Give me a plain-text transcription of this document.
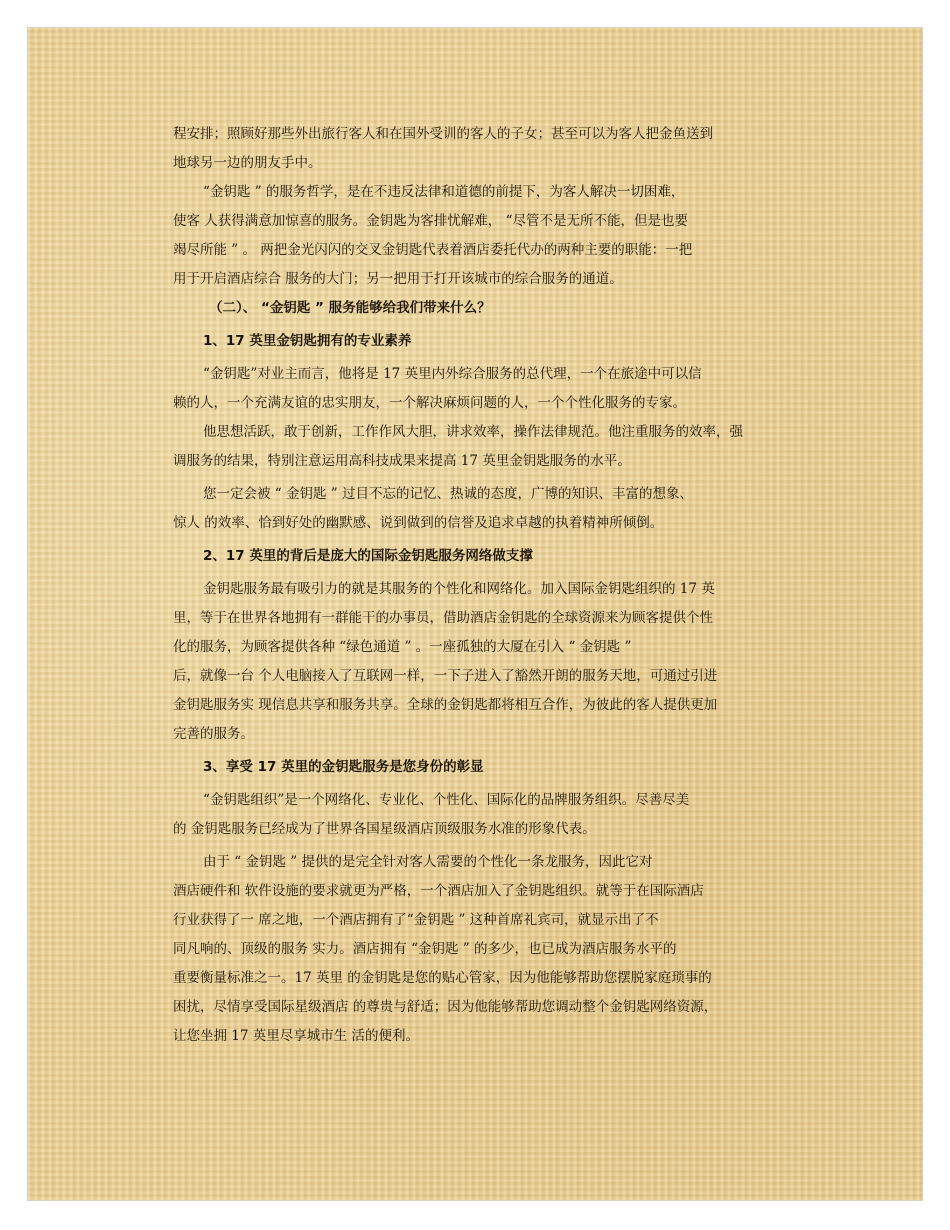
程安排；照顾好那些外出旅行客人和在国外受训的客人的子女；甚至可以为客人把金鱼送到
地球另一边的朋友手中。
“金钥匙 ” 的服务哲学，是在不违反法律和道德的前提下，为客人解决一切困难，
使客 人获得满意加惊喜的服务。金钥匙为客排忧解难， “尽管不是无所不能，但是也要
竭尽所能 ” 。 两把金光闪闪的交叉金钥匙代表着酒店委托代办的两种主要的职能：一把
用于开启酒店综合 服务的大门；另一把用于打开该城市的综合服务的通道。
（二）、 “金钥匙 ” 服务能够给我们带来什么？
1、17 英里金钥匙拥有的专业素养
“金钥匙”对业主而言，他将是 17 英里内外综合服务的总代理，一个在旅途中可以信
赖的人，一个充满友谊的忠实朋友，一个解决麻烦问题的人，一个个性化服务的专家。
他思想活跃，敢于创新，工作作风大胆，讲求效率，操作法律规范。他注重服务的效率，强
调服务的结果，特别注意运用高科技成果来提高 17 英里金钥匙服务的水平。
您一定会被 “ 金钥匙 ” 过目不忘的记忆、热诚的态度，广博的知识、丰富的想象、
惊人 的效率、恰到好处的幽默感、说到做到的信誉及追求卓越的执着精神所倾倒。
2、17 英里的背后是庞大的国际金钥匙服务网络做支撑
金钥匙服务最有吸引力的就是其服务的个性化和网络化。加入国际金钥匙组织的 17 英
里，等于在世界各地拥有一群能干的办事员，借助酒店金钥匙的全球资源来为顾客提供个性
化的服务，为顾客提供各种 “绿色通道 ” 。一座孤独的大厦在引入 “ 金钥匙 ”
后，就像一台 个人电脑接入了互联网一样，一下子进入了豁然开朗的服务天地，可通过引进
金钥匙服务实 现信息共享和服务共享。全球的金钥匙都将相互合作，为彼此的客人提供更加
完善的服务。
3、享受 17 英里的金钥匙服务是您身份的彰显
“金钥匙组织”是一个网络化、专业化、个性化、国际化的品牌服务组织。尽善尽美
的 金钥匙服务已经成为了世界各国星级酒店顶级服务水准的形象代表。
由于 “ 金钥匙 ” 提供的是完全针对客人需要的个性化一条龙服务，因此它对
酒店硬件和 软件设施的要求就更为严格，一个酒店加入了金钥匙组织。就等于在国际酒店
行业获得了一 席之地，一个酒店拥有了“金钥匙 ” 这种首席礼宾司，就显示出了不
同凡响的、顶级的服务 实力。酒店拥有 “金钥匙 ” 的多少，也已成为酒店服务水平的
重要衡量标准之一。17 英里 的金钥匙是您的贴心管家，因为他能够帮助您摆脱家庭琐事的
困扰，尽情享受国际星级酒店 的尊贵与舒适；因为他能够帮助您调动整个金钥匙网络资源，
让您坐拥 17 英里尽享城市生 活的便利。
